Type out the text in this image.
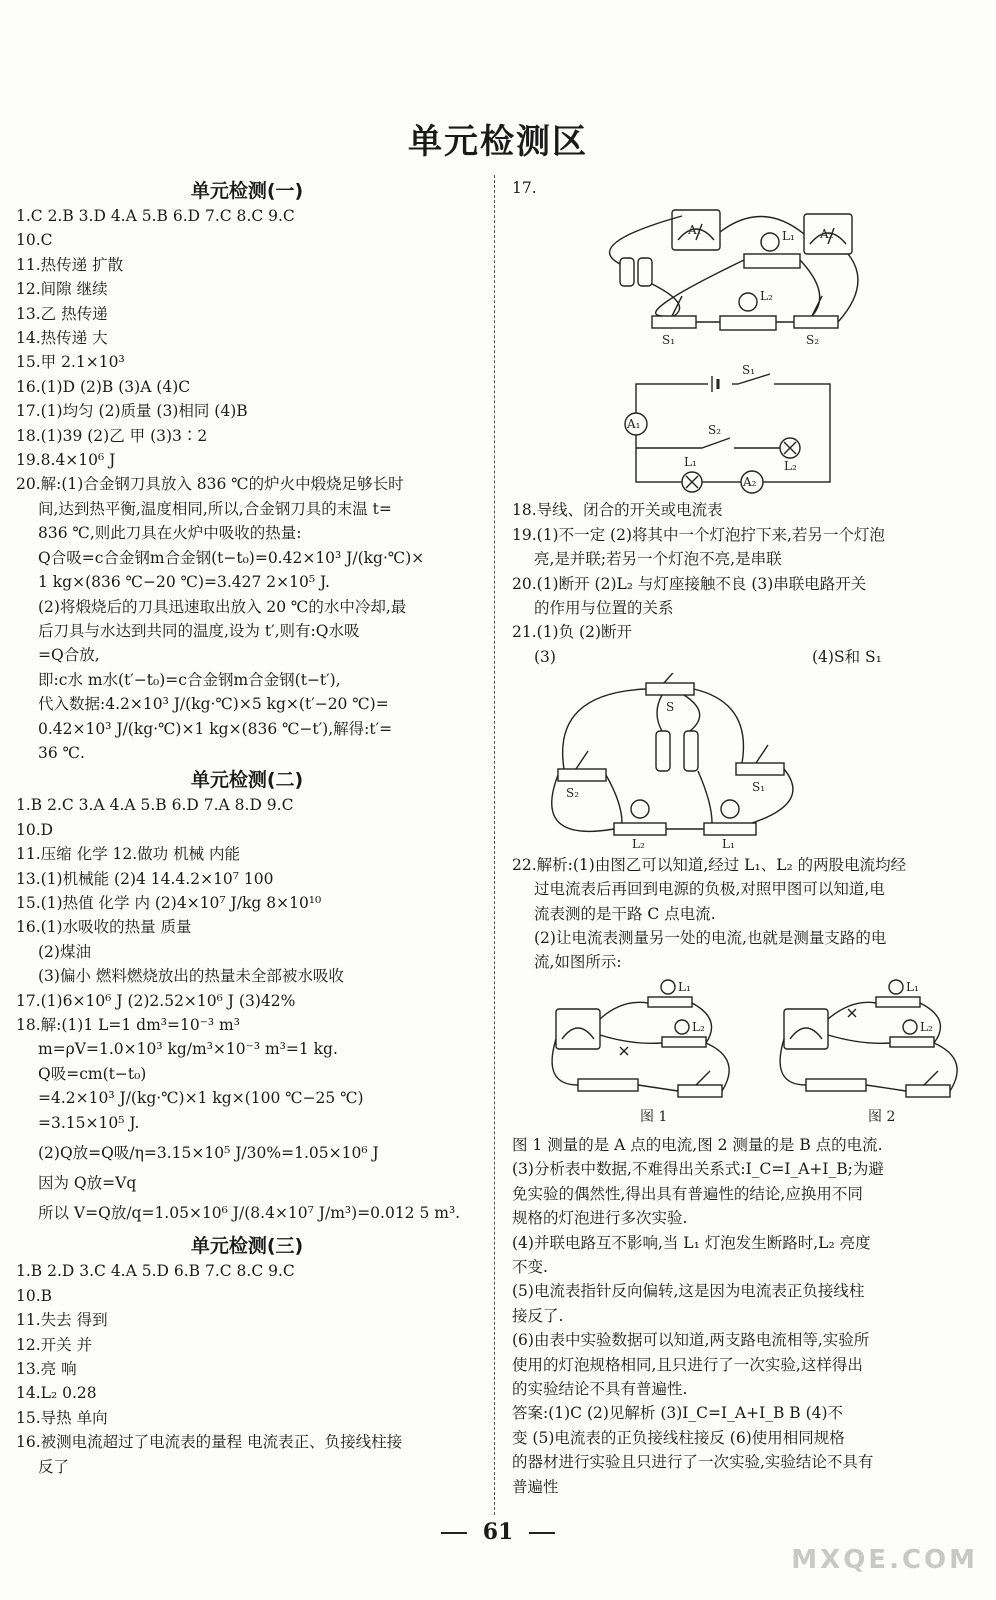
单元检测区
单元检测(一)
1.C 2.B 3.D 4.A 5.B 6.D 7.C 8.C 9.C
10.C
11.热传递 扩散
12.间隙 继续
13.乙 热传递
14.热传递 大
15.甲 2.1×10³
16.(1)D (2)B (3)A (4)C
17.(1)均匀 (2)质量 (3)相同 (4)B
18.(1)39 (2)乙 甲 (3)3∶2
19.8.4×10⁶ J
20.解:(1)合金钢刀具放入 836 ℃的炉火中煅烧足够长时
间,达到热平衡,温度相同,所以,合金钢刀具的末温 t=
836 ℃,则此刀具在火炉中吸收的热量:
Q合吸=c合金钢m合金钢(t−t₀)=0.42×10³ J/(kg·℃)×
1 kg×(836 ℃−20 ℃)=3.427 2×10⁵ J.
(2)将煅烧后的刀具迅速取出放入 20 ℃的水中冷却,最
后刀具与水达到共同的温度,设为 t′,则有:Q水吸
=Q合放,
即:c水 m水(t′−t₀)=c合金钢m合金钢(t−t′),
代入数据:4.2×10³ J/(kg·℃)×5 kg×(t′−20 ℃)=
0.42×10³ J/(kg·℃)×1 kg×(836 ℃−t′),解得:t′=
36 ℃.
单元检测(二)
1.B 2.C 3.A 4.A 5.B 6.D 7.A 8.D 9.C
10.D
11.压缩 化学 12.做功 机械 内能
13.(1)机械能 (2)4 14.4.2×10⁷ 100
15.(1)热值 化学 内 (2)4×10⁷ J/kg 8×10¹⁰
16.(1)水吸收的热量 质量
(2)煤油
(3)偏小 燃料燃烧放出的热量未全部被水吸收
17.(1)6×10⁶ J (2)2.52×10⁶ J (3)42%
18.解:(1)1 L=1 dm³=10⁻³ m³
m=ρV=1.0×10³ kg/m³×10⁻³ m³=1 kg.
Q吸=cm(t−t₀)
=4.2×10³ J/(kg·℃)×1 kg×(100 ℃−25 ℃)
=3.15×10⁵ J.
(2)Q放=Q吸/η=3.15×10⁵ J/30%=1.05×10⁶ J
因为 Q放=Vq
所以 V=Q放/q=1.05×10⁶ J/(8.4×10⁷ J/m³)=0.012 5 m³.
单元检测(三)
1.B 2.D 3.C 4.A 5.D 6.B 7.C 8.C 9.C
10.B
11.失去 得到
12.开关 并
13.亮 响
14.L₂ 0.28
15.导热 单向
16.被测电流超过了电流表的量程 电流表正、负接线柱接
反了
17.
A₁	L₁ A₂
L₂
S₁	S₂
S₁
S₂
L₁	L₂
A₁
A₂
18.导线、闭合的开关或电流表
19.(1)不一定 (2)将其中一个灯泡拧下来,若另一个灯泡
亮,是并联;若另一个灯泡不亮,是串联
20.(1)断开 (2)L₂ 与灯座接触不良 (3)串联电路开关
的作用与位置的关系
21.(1)负 (2)断开
(3)	(4)S和 S₁
S
S₂	S₁
L₂	L₁
22.解析:(1)由图乙可以知道,经过 L₁、L₂ 的两股电流均经
过电流表后再回到电源的负极,对照甲图可以知道,电
流表测的是干路 C 点电流.
(2)让电流表测量另一处的电流,也就是测量支路的电
流,如图所示:
L₁
L₂
L₁
L₂
图 1	图 2
图 1 测量的是 A 点的电流,图 2 测量的是 B 点的电流.
(3)分析表中数据,不难得出关系式:I_C=I_A+I_B;为避
免实验的偶然性,得出具有普遍性的结论,应换用不同
规格的灯泡进行多次实验.
(4)并联电路互不影响,当 L₁ 灯泡发生断路时,L₂ 亮度
不变.
(5)电流表指针反向偏转,这是因为电流表正负接线柱
接反了.
(6)由表中实验数据可以知道,两支路电流相等,实验所
使用的灯泡规格相同,且只进行了一次实验,这样得出
的实验结论不具有普遍性.
答案:(1)C (2)见解析 (3)I_C=I_A+I_B B (4)不
变 (5)电流表的正负接线柱接反 (6)使用相同规格
的器材进行实验且只进行了一次实验,实验结论不具有
普遍性
61
MXQE.COM
